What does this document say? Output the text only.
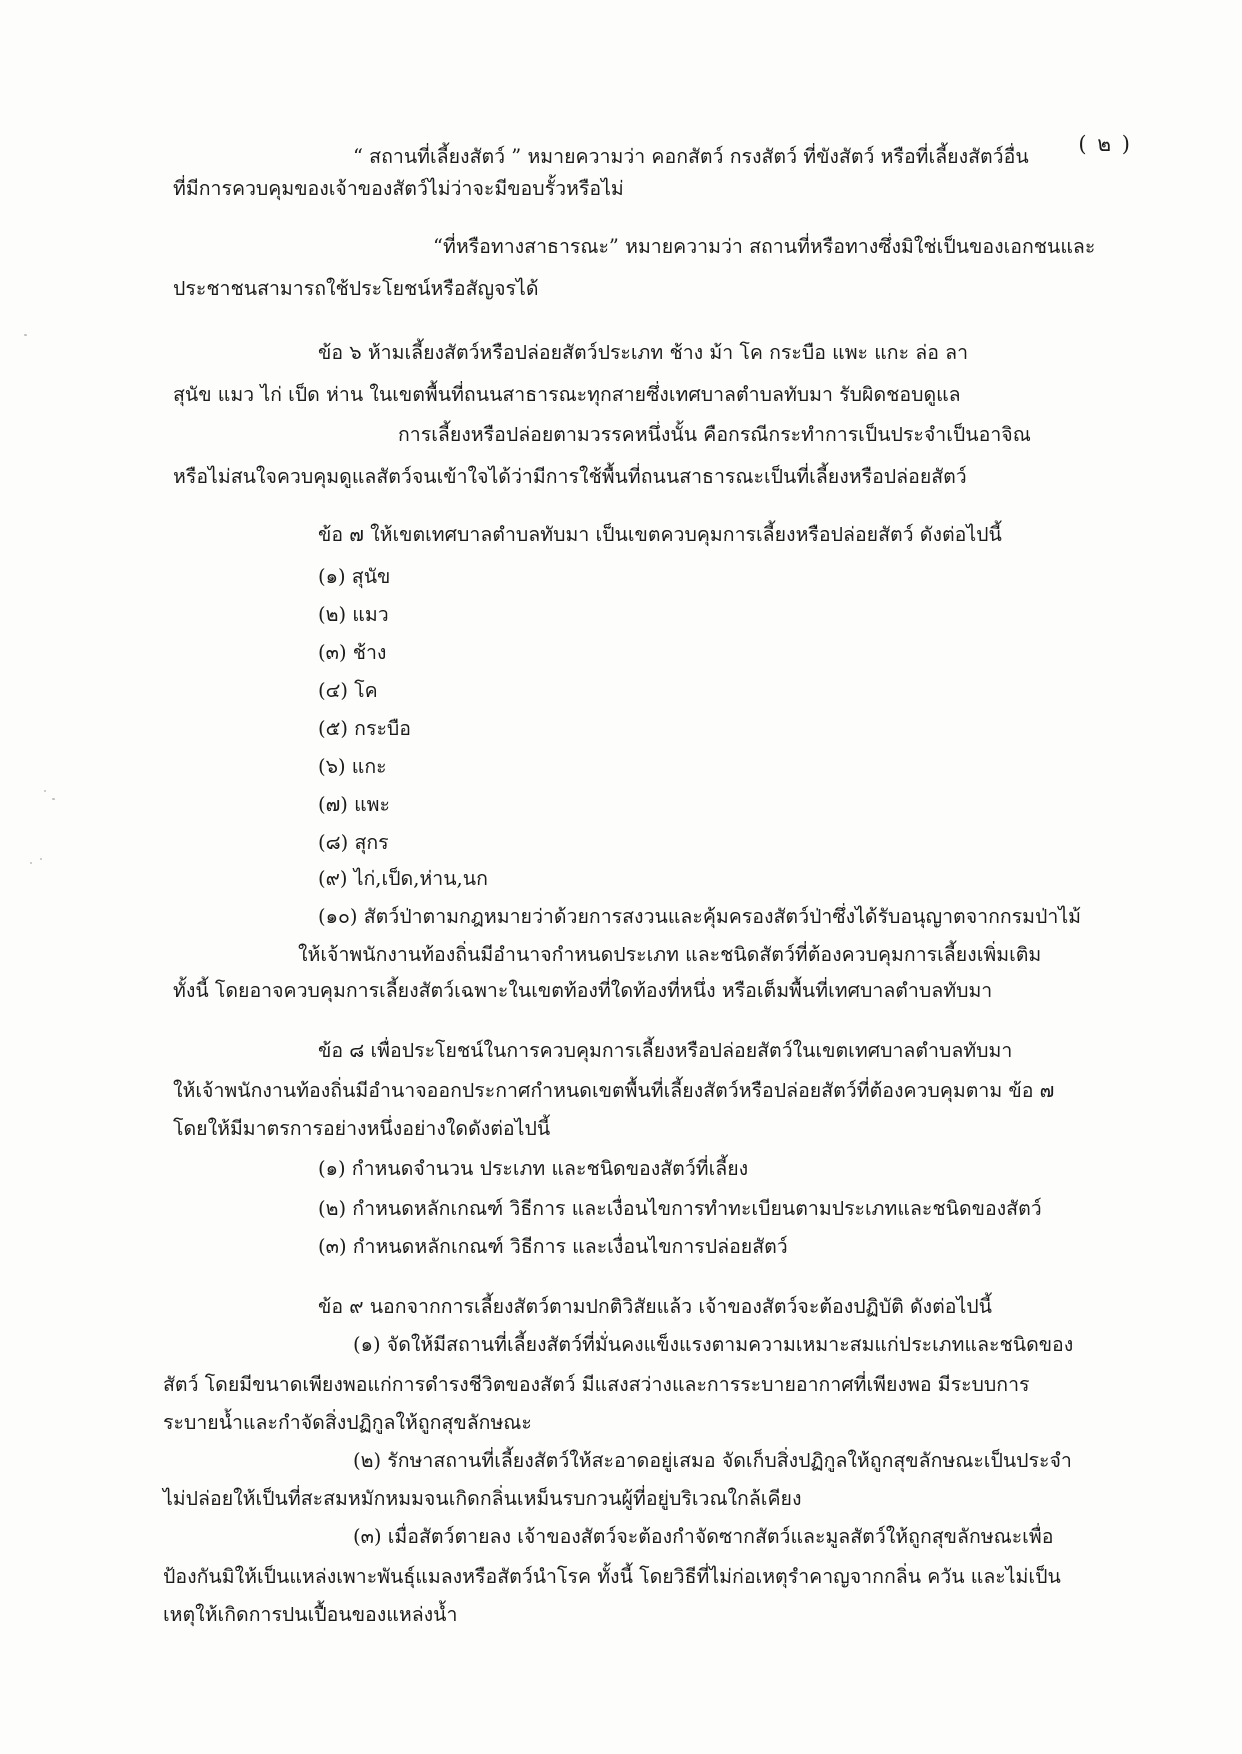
( ๒ )

“ สถานที่เลี้ยงสัตว์ ” หมายความว่า คอกสัตว์ กรงสัตว์ ที่ขังสัตว์ หรือที่เลี้ยงสัตว์อื่น

ที่มีการควบคุมของเจ้าของสัตว์ไม่ว่าจะมีขอบรั้วหรือไม่

“ที่หรือทางสาธารณะ” หมายความว่า สถานที่หรือทางซึ่งมิใช่เป็นของเอกชนและ

ประชาชนสามารถใช้ประโยชน์หรือสัญจรได้

ข้อ ๖ ห้ามเลี้ยงสัตว์หรือปล่อยสัตว์ประเภท ช้าง ม้า โค กระบือ แพะ แกะ ล่อ ลา

สุนัข แมว ไก่ เป็ด ห่าน ในเขตพื้นที่ถนนสาธารณะทุกสายซึ่งเทศบาลตำบลทับมา รับผิดชอบดูแล

การเลี้ยงหรือปล่อยตามวรรคหนึ่งนั้น คือกรณีกระทำการเป็นประจำเป็นอาจิณ

หรือไม่สนใจควบคุมดูแลสัตว์จนเข้าใจได้ว่ามีการใช้พื้นที่ถนนสาธารณะเป็นที่เลี้ยงหรือปล่อยสัตว์

ข้อ ๗ ให้เขตเทศบาลตำบลทับมา เป็นเขตควบคุมการเลี้ยงหรือปล่อยสัตว์ ดังต่อไปนี้

(๑) สุนัข

(๒) แมว

(๓) ช้าง

(๔) โค

(๕) กระบือ

(๖) แกะ

(๗) แพะ

(๘) สุกร

(๙) ไก่,เป็ด,ห่าน,นก

(๑๐) สัตว์ป่าตามกฎหมายว่าด้วยการสงวนและคุ้มครองสัตว์ป่าซึ่งได้รับอนุญาตจากกรมป่าไม้

ให้เจ้าพนักงานท้องถิ่นมีอำนาจกำหนดประเภท และชนิดสัตว์ที่ต้องควบคุมการเลี้ยงเพิ่มเติม

ทั้งนี้ โดยอาจควบคุมการเลี้ยงสัตว์เฉพาะในเขตท้องที่ใดท้องที่หนึ่ง หรือเต็มพื้นที่เทศบาลตำบลทับมา

ข้อ ๘ เพื่อประโยชน์ในการควบคุมการเลี้ยงหรือปล่อยสัตว์ในเขตเทศบาลตำบลทับมา

ให้เจ้าพนักงานท้องถิ่นมีอำนาจออกประกาศกำหนดเขตพื้นที่เลี้ยงสัตว์หรือปล่อยสัตว์ที่ต้องควบคุมตาม ข้อ ๗

โดยให้มีมาตรการอย่างหนึ่งอย่างใดดังต่อไปนี้

(๑) กำหนดจำนวน ประเภท และชนิดของสัตว์ที่เลี้ยง

(๒) กำหนดหลักเกณฑ์ วิธีการ และเงื่อนไขการทำทะเบียนตามประเภทและชนิดของสัตว์

(๓) กำหนดหลักเกณฑ์ วิธีการ และเงื่อนไขการปล่อยสัตว์

ข้อ ๙ นอกจากการเลี้ยงสัตว์ตามปกติวิสัยแล้ว เจ้าของสัตว์จะต้องปฏิบัติ ดังต่อไปนี้

(๑) จัดให้มีสถานที่เลี้ยงสัตว์ที่มั่นคงแข็งแรงตามความเหมาะสมแก่ประเภทและชนิดของ

สัตว์ โดยมีขนาดเพียงพอแก่การดำรงชีวิตของสัตว์ มีแสงสว่างและการระบายอากาศที่เพียงพอ มีระบบการ

ระบายน้ำและกำจัดสิ่งปฏิกูลให้ถูกสุขลักษณะ

(๒) รักษาสถานที่เลี้ยงสัตว์ให้สะอาดอยู่เสมอ จัดเก็บสิ่งปฏิกูลให้ถูกสุขลักษณะเป็นประจำ

ไม่ปล่อยให้เป็นที่สะสมหมักหมมจนเกิดกลิ่นเหม็นรบกวนผู้ที่อยู่บริเวณใกล้เคียง

(๓) เมื่อสัตว์ตายลง เจ้าของสัตว์จะต้องกำจัดซากสัตว์และมูลสัตว์ให้ถูกสุขลักษณะเพื่อ

ป้องกันมิให้เป็นแหล่งเพาะพันธุ์แมลงหรือสัตว์นำโรค ทั้งนี้ โดยวิธีที่ไม่ก่อเหตุรำคาญจากกลิ่น ควัน และไม่เป็น

เหตุให้เกิดการปนเปื้อนของแหล่งน้ำ
